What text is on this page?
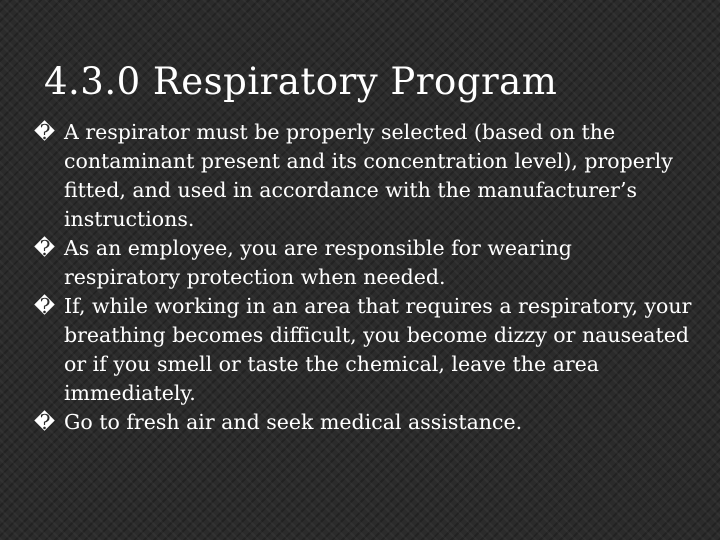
4.3.0 Respiratory Program
� A respirator must be properly selected (based on the contaminant present and its concentration level), properly fitted, and used in accordance with the manufacturer’s instructions.
� As an employee, you are responsible for wearing respiratory protection when needed.
� If, while working in an area that requires a respiratory, your breathing becomes difficult, you become dizzy or nauseated or if you smell or taste the chemical, leave the area immediately.
� Go to fresh air and seek medical assistance.
